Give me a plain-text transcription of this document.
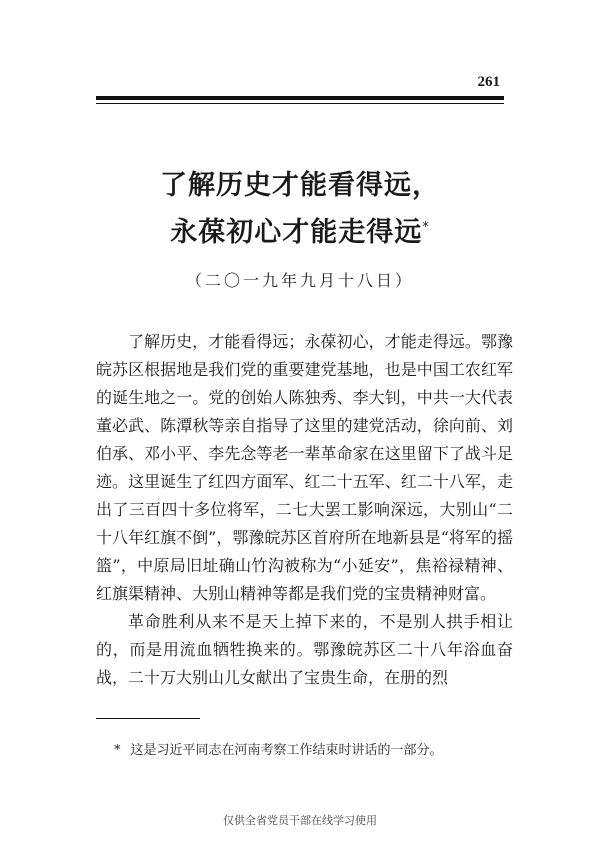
261
了解历史才能看得远，
永葆初心才能走得远*
（二〇一九年九月十八日）

了解历史，才能看得远；永葆初心，才能走得远。鄂豫皖苏区根据地是我们党的重要建党基地，也是中国工农红军的诞生地之一。党的创始人陈独秀、李大钊，中共一大代表董必武、陈潭秋等亲自指导了这里的建党活动，徐向前、刘伯承、邓小平、李先念等老一辈革命家在这里留下了战斗足迹。这里诞生了红四方面军、红二十五军、红二十八军，走出了三百四十多位将军，二七大罢工影响深远，大别山“二十八年红旗不倒”，鄂豫皖苏区首府所在地新县是“将军的摇篮”，中原局旧址确山竹沟被称为“小延安”，焦裕禄精神、红旗渠精神、大别山精神等都是我们党的宝贵精神财富。

革命胜利从来不是天上掉下来的，不是别人拱手相让的，而是用流血牺牲换来的。鄂豫皖苏区二十八年浴血奋战，二十万大别山儿女献出了宝贵生命，在册的烈

* 这是习近平同志在河南考察工作结束时讲话的一部分。
仅供全省党员干部在线学习使用
